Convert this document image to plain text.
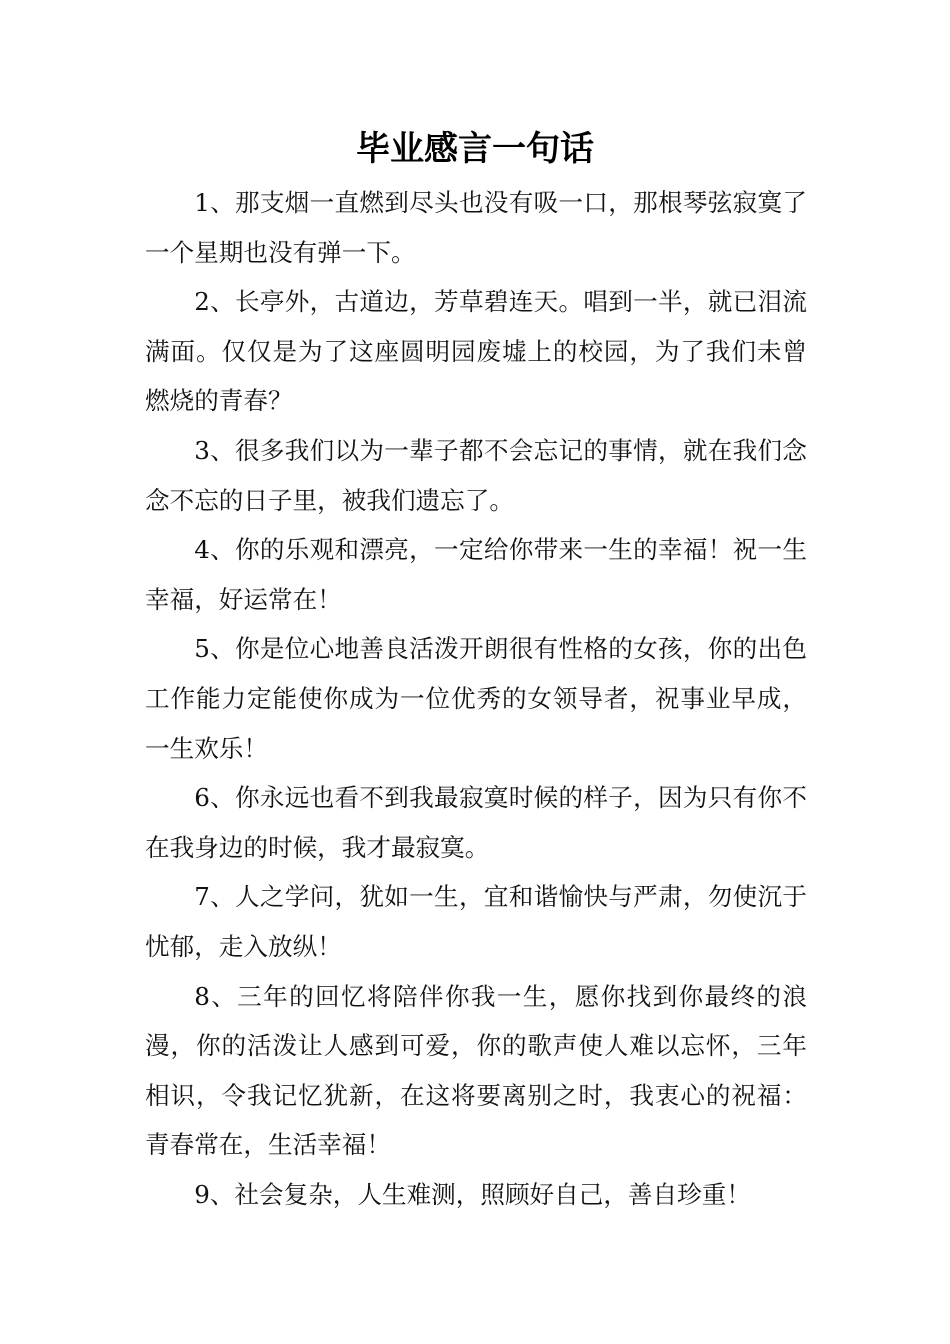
毕业感言一句话

1、那支烟一直燃到尽头也没有吸一口，那根琴弦寂寞了一个星期也没有弹一下。

2、长亭外，古道边，芳草碧连天。唱到一半，就已泪流满面。仅仅是为了这座圆明园废墟上的校园，为了我们未曾燃烧的青春？

3、很多我们以为一辈子都不会忘记的事情，就在我们念念不忘的日子里，被我们遗忘了。

4、你的乐观和漂亮，一定给你带来一生的幸福！祝一生幸福，好运常在！

5、你是位心地善良活泼开朗很有性格的女孩，你的出色工作能力定能使你成为一位优秀的女领导者，祝事业早成，一生欢乐！

6、你永远也看不到我最寂寞时候的样子，因为只有你不在我身边的时候，我才最寂寞。

7、人之学问，犹如一生，宜和谐愉快与严肃，勿使沉于忧郁，走入放纵！

8、三年的回忆将陪伴你我一生，愿你找到你最终的浪漫，你的活泼让人感到可爱，你的歌声使人难以忘怀，三年相识，令我记忆犹新，在这将要离别之时，我衷心的祝福：青春常在，生活幸福！

9、社会复杂，人生难测，照顾好自己，善自珍重！
